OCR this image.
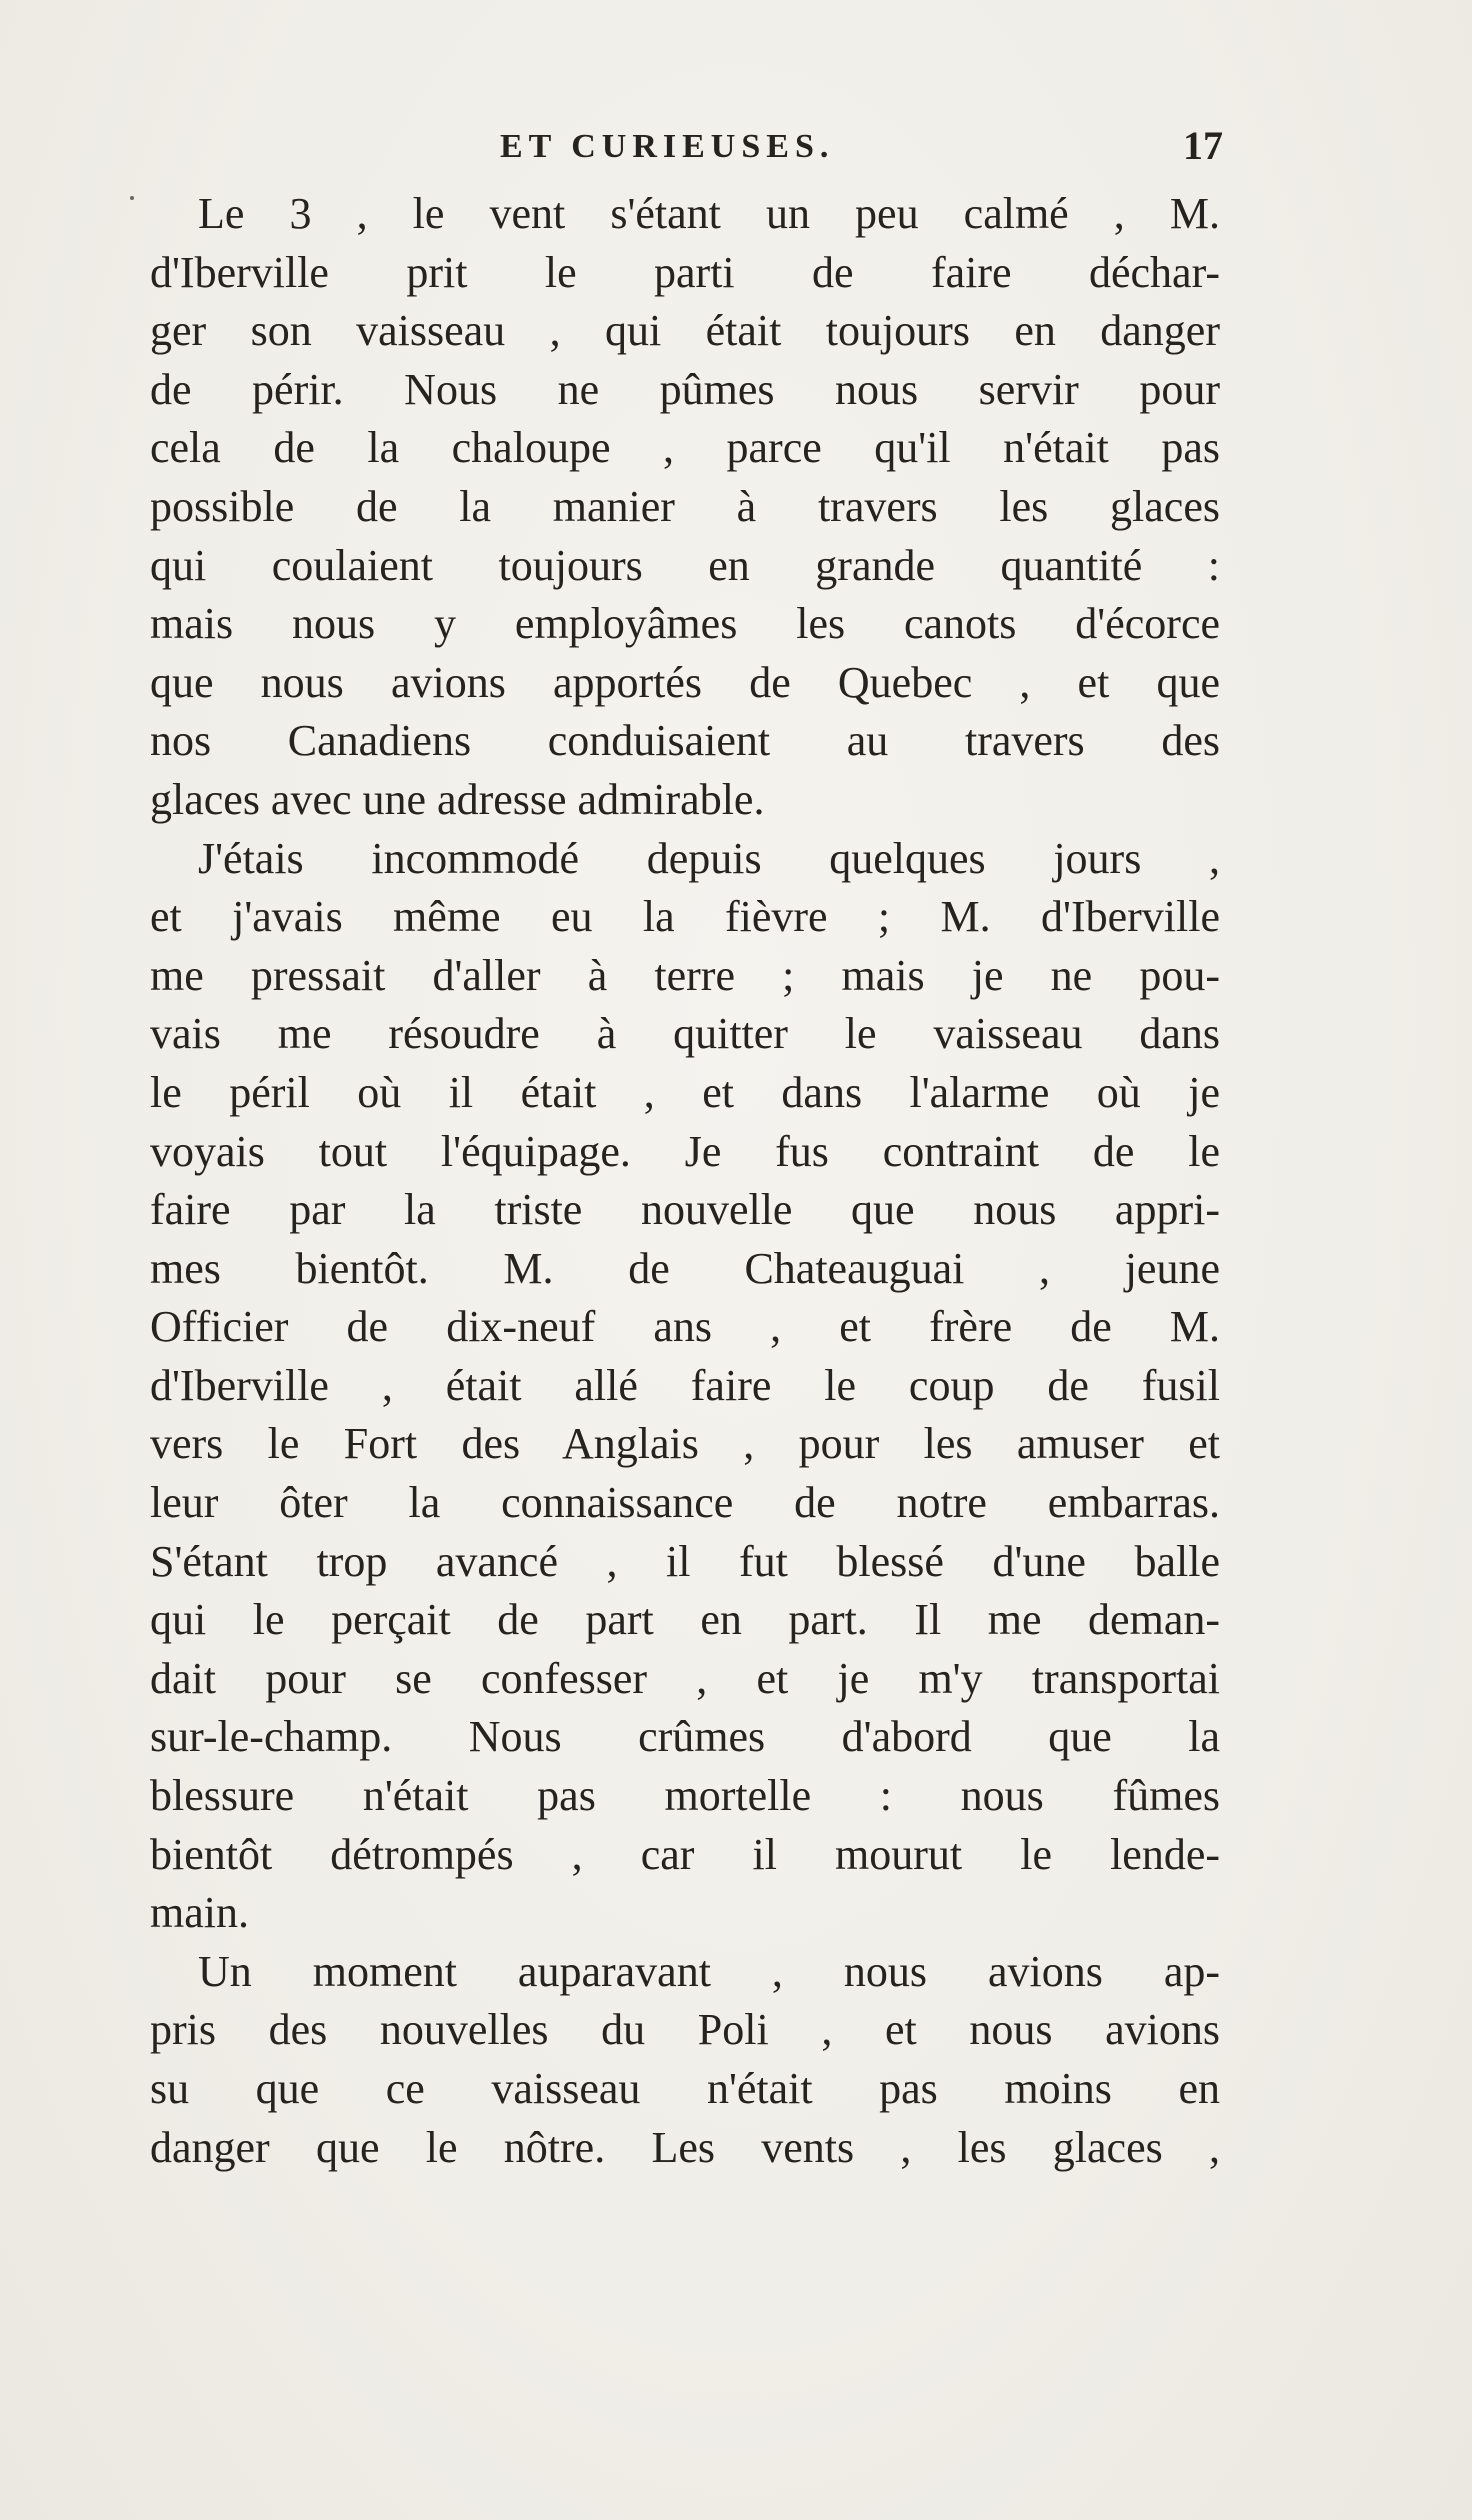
ET CURIEUSES.	17
Le 3 , le vent s'étant un peu calmé , M.
d'Iberville prit le parti de faire déchar-
ger son vaisseau , qui était toujours en danger
de périr. Nous ne pûmes nous servir pour
cela de la chaloupe , parce qu'il n'était pas
possible de la manier à travers les glaces
qui coulaient toujours en grande quantité :
mais nous y employâmes les canots d'écorce
que nous avions apportés de Quebec , et que
nos Canadiens conduisaient au travers des
glaces avec une adresse admirable.
J'étais incommodé depuis quelques jours ,
et j'avais même eu la fièvre ; M. d'Iberville
me pressait d'aller à terre ; mais je ne pou-
vais me résoudre à quitter le vaisseau dans
le péril où il était , et dans l'alarme où je
voyais tout l'équipage. Je fus contraint de le
faire par la triste nouvelle que nous appri-
mes bientôt. M. de Chateauguai , jeune
Officier de dix-neuf ans , et frère de M.
d'Iberville , était allé faire le coup de fusil
vers le Fort des Anglais , pour les amuser et
leur ôter la connaissance de notre embarras.
S'étant trop avancé , il fut blessé d'une balle
qui le perçait de part en part. Il me deman-
dait pour se confesser , et je m'y transportai
sur-le-champ. Nous crûmes d'abord que la
blessure n'était pas mortelle : nous fûmes
bientôt détrompés , car il mourut le lende-
main.
Un moment auparavant , nous avions ap-
pris des nouvelles du Poli , et nous avions
su que ce vaisseau n'était pas moins en
danger que le nôtre. Les vents , les glaces ,
